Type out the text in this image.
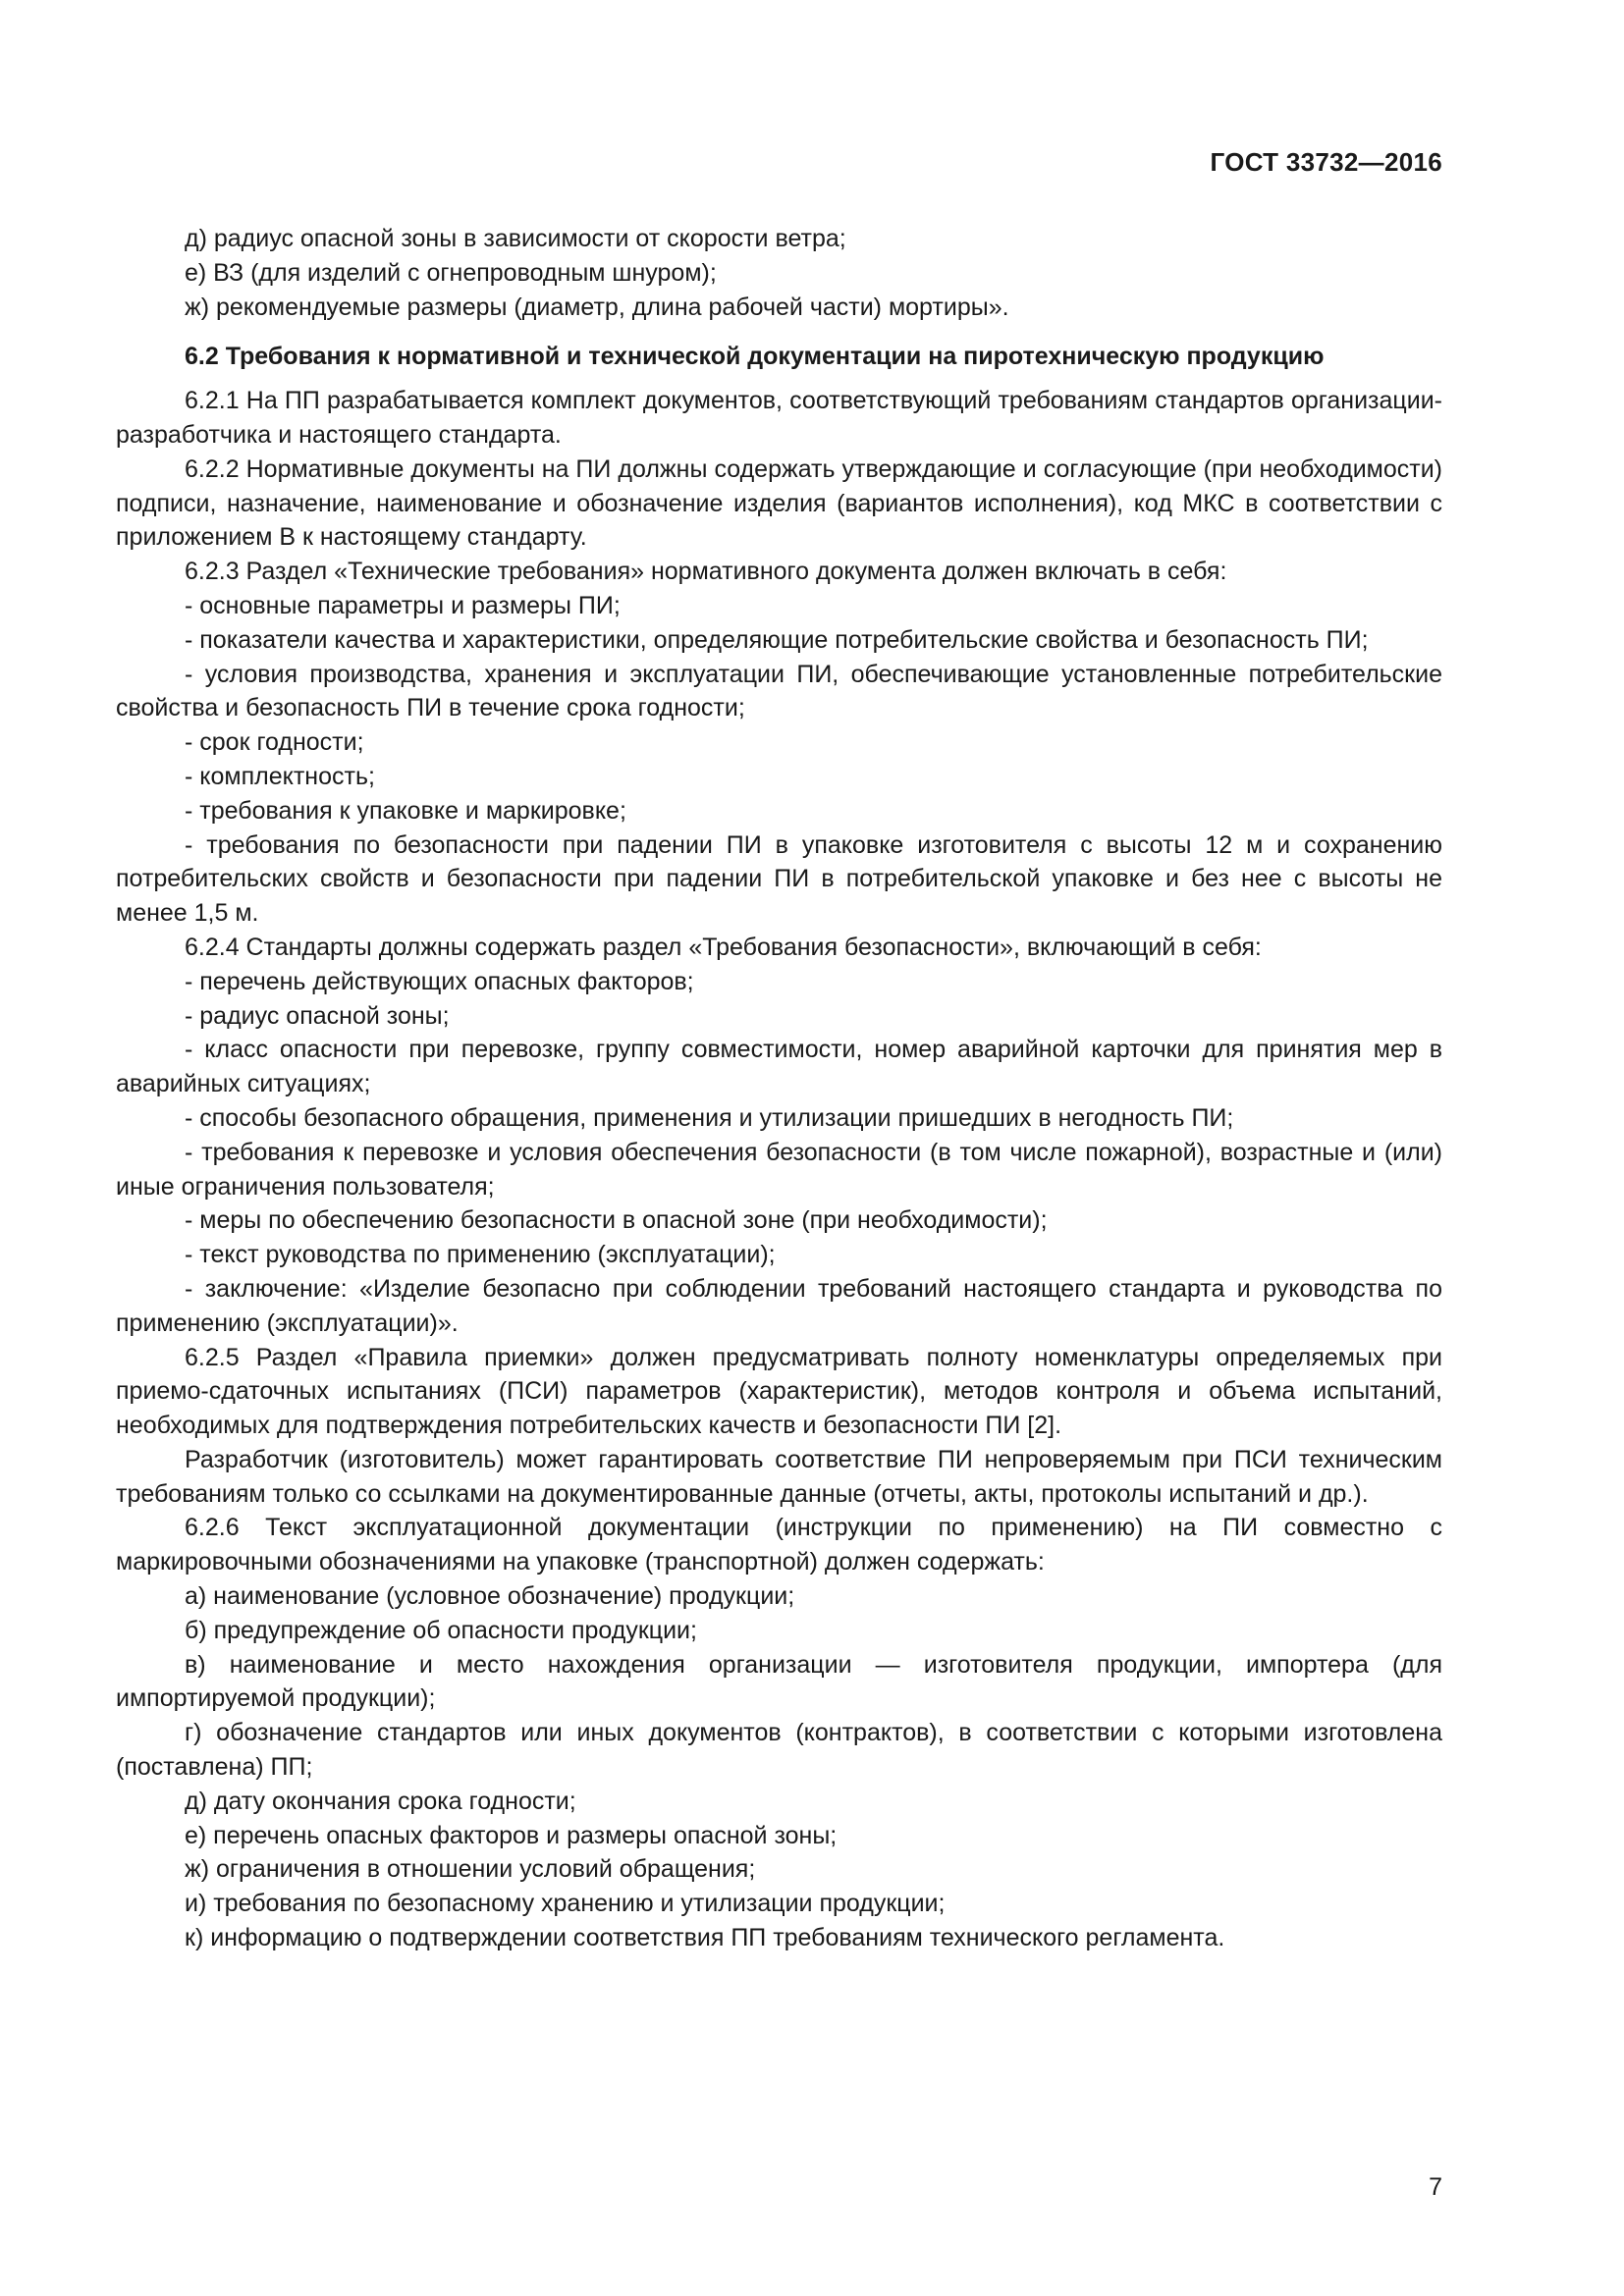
ГОСТ 33732—2016

д) радиус опасной зоны в зависимости от скорости ветра;

е) ВЗ (для изделий с огнепроводным шнуром);

ж) рекомендуемые размеры (диаметр, длина рабочей части) мортиры».

6.2 Требования к нормативной и технической документации на пиротехническую продукцию

6.2.1 На ПП разрабатывается комплект документов, соответствующий требованиям стандартов организации-разработчика и настоящего стандарта.

6.2.2 Нормативные документы на ПИ должны содержать утверждающие и согласующие (при необходимости) подписи, назначение, наименование и обозначение изделия (вариантов исполнения), код МКС в соответствии с приложением В к настоящему стандарту.

6.2.3 Раздел «Технические требования» нормативного документа должен включать в себя:

- основные параметры и размеры ПИ;

- показатели качества и характеристики, определяющие потребительские свойства и безопасность ПИ;

- условия производства, хранения и эксплуатации ПИ, обеспечивающие установленные потребительские свойства и безопасность ПИ в течение срока годности;

- срок годности;

- комплектность;

- требования к упаковке и маркировке;

- требования по безопасности при падении ПИ в упаковке изготовителя с высоты 12 м и сохранению потребительских свойств и безопасности при падении ПИ в потребительской упаковке и без нее с высоты не менее 1,5 м.

6.2.4 Стандарты должны содержать раздел «Требования безопасности», включающий в себя:

- перечень действующих опасных факторов;

- радиус опасной зоны;

- класс опасности при перевозке, группу совместимости, номер аварийной карточки для принятия мер в аварийных ситуациях;

- способы безопасного обращения, применения и утилизации пришедших в негодность ПИ;

- требования к перевозке и условия обеспечения безопасности (в том числе пожарной), возрастные и (или) иные ограничения пользователя;

- меры по обеспечению безопасности в опасной зоне (при необходимости);

- текст руководства по применению (эксплуатации);

- заключение: «Изделие безопасно при соблюдении требований настоящего стандарта и руководства по применению (эксплуатации)».

6.2.5 Раздел «Правила приемки» должен предусматривать полноту номенклатуры определяемых при приемо-сдаточных испытаниях (ПСИ) параметров (характеристик), методов контроля и объема испытаний, необходимых для подтверждения потребительских качеств и безопасности ПИ [2].

Разработчик (изготовитель) может гарантировать соответствие ПИ непроверяемым при ПСИ техническим требованиям только со ссылками на документированные данные (отчеты, акты, протоколы испытаний и др.).

6.2.6 Текст эксплуатационной документации (инструкции по применению) на ПИ совместно с маркировочными обозначениями на упаковке (транспортной) должен содержать:

а) наименование (условное обозначение) продукции;

б) предупреждение об опасности продукции;

в) наименование и место нахождения организации — изготовителя продукции, импортера (для импортируемой продукции);

г) обозначение стандартов или иных документов (контрактов), в соответствии с которыми изготовлена (поставлена) ПП;

д) дату окончания срока годности;

е) перечень опасных факторов и размеры опасной зоны;

ж) ограничения в отношении условий обращения;

и) требования по безопасному хранению и утилизации продукции;

к) информацию о подтверждении соответствия ПП требованиям технического регламента.

7
